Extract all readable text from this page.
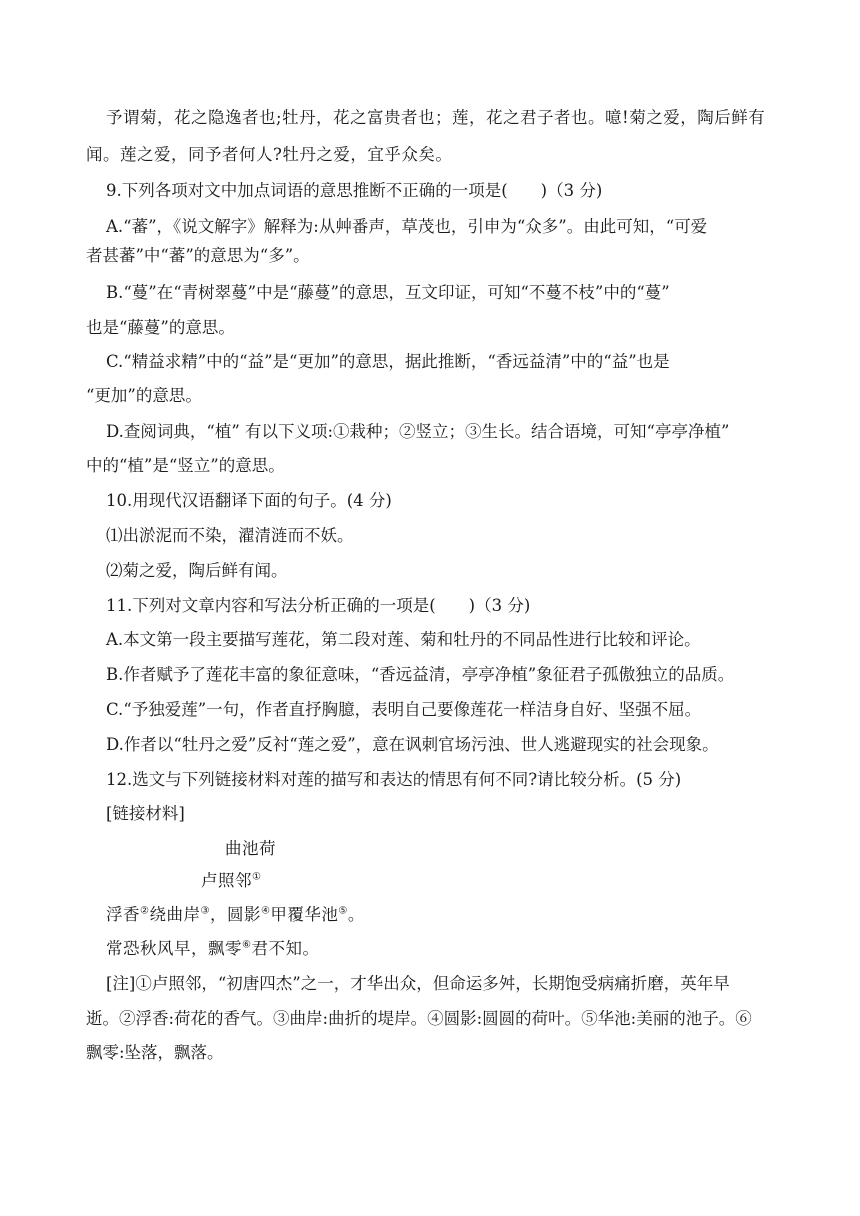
予谓菊，花之隐逸者也;牡丹，花之富贵者也；莲，花之君子者也。噫!菊之爱，陶后鲜有
闻。莲之爱，同予者何人?牡丹之爱，宜乎众矣。
9.下列各项对文中加点词语的意思推断不正确的一项是(　　)（3 分)
A.“蕃”，《说文解字》解释为:从艸番声，草茂也，引申为“众多”。由此可知，“可爱
者甚蕃”中“蕃”的意思为“多”。
B.“蔓”在“青树翠蔓”中是“藤蔓”的意思，互文印证，可知“不蔓不枝”中的“蔓”
也是“藤蔓”的意思。
C.“精益求精”中的“益”是“更加”的意思，据此推断，“香远益清”中的“益”也是
“更加”的意思。
D.查阅词典，“植” 有以下义项:①栽种；②竖立；③生长。结合语境，可知“亭亭净植”
中的“植”是“竖立”的意思。
10.用现代汉语翻译下面的句子。(4 分)
⑴出淤泥而不染，濯清涟而不妖。
⑵菊之爱，陶后鲜有闻。
11.下列对文章内容和写法分析正确的一项是(　　)（3 分)
A.本文第一段主要描写莲花，第二段对莲、菊和牡丹的不同品性进行比较和评论。
B.作者赋予了莲花丰富的象征意味，“香远益清，亭亭净植”象征君子孤傲独立的品质。
C.“予独爱莲”一句，作者直抒胸臆，表明自己要像莲花一样洁身自好、坚强不屈。
D.作者以“牡丹之爱”反衬“莲之爱”，意在讽刺官场污浊、世人逃避现实的社会现象。
12.选文与下列链接材料对莲的描写和表达的情思有何不同?请比较分析。(5 分)
[链接材料]
曲池荷
卢照邻①
浮香②绕曲岸③，圆影④甲覆华池⑤。
常恐秋风早，飘零⑥君不知。
[注]①卢照邻，“初唐四杰”之一，才华出众，但命运多舛，长期饱受病痛折磨，英年早
逝。②浮香:荷花的香气。③曲岸:曲折的堤岸。④圆影:圆圆的荷叶。⑤华池:美丽的池子。⑥
飘零:坠落，飘落。
